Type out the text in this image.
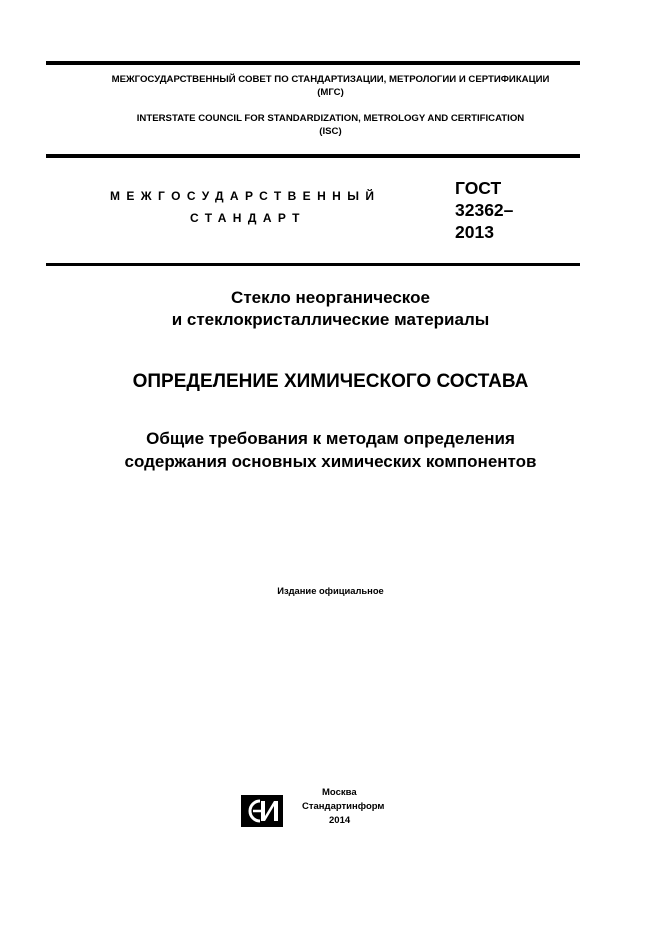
МЕЖГОСУДАРСТВЕННЫЙ СОВЕТ ПО СТАНДАРТИЗАЦИИ, МЕТРОЛОГИИ И СЕРТИФИКАЦИИ
(МГС)
INTERSTATE COUNCIL FOR STANDARDIZATION, METROLOGY AND CERTIFICATION
(ISC)
МЕЖГОСУДАРСТВЕННЫЙ
СТАНДАРТ
ГОСТ
32362–
2013
Стекло неорганическое
и стеклокристаллические материалы
ОПРЕДЕЛЕНИЕ ХИМИЧЕСКОГО СОСТАВА
Общие требования к методам определения
содержания основных химических компонентов
Издание официальное
Москва
Стандартинформ
2014
